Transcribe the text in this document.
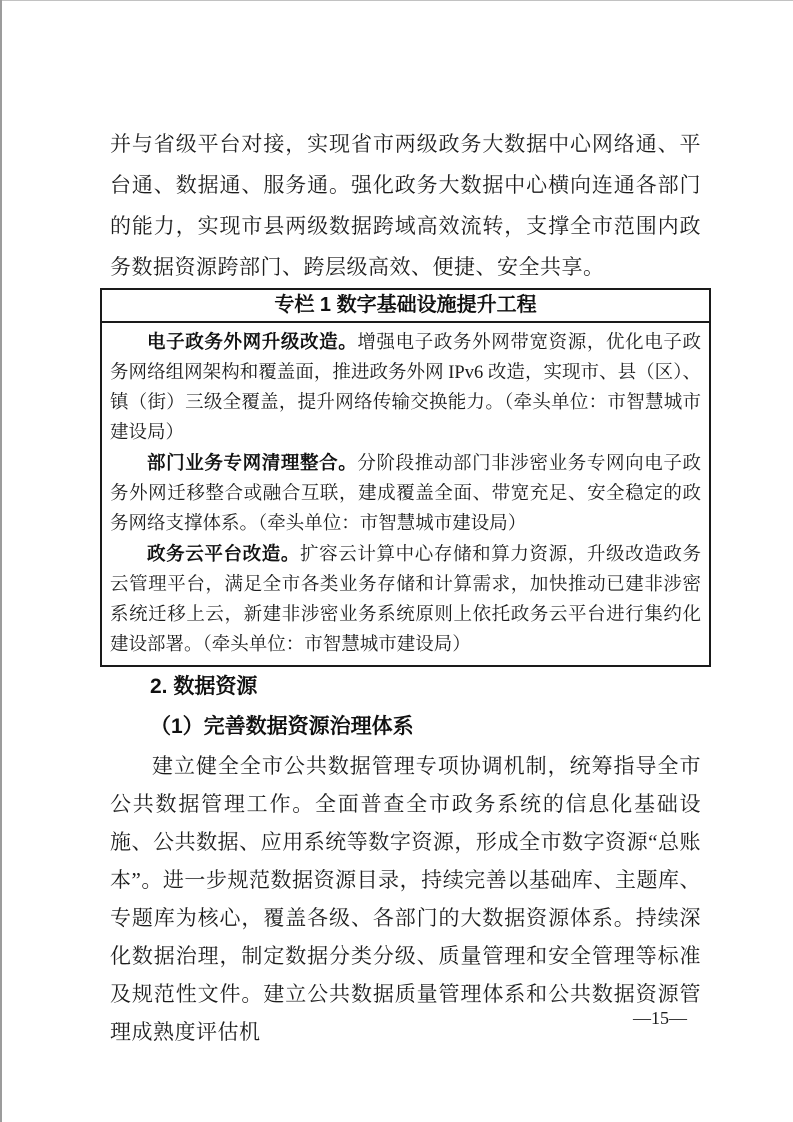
并与省级平台对接，实现省市两级政务大数据中心网络通、平台通、数据通、服务通。强化政务大数据中心横向连通各部门的能力，实现市县两级数据跨域高效流转，支撑全市范围内政务数据资源跨部门、跨层级高效、便捷、安全共享。

专栏 1 数字基础设施提升工程

电子政务外网升级改造。增强电子政务外网带宽资源，优化电子政务网络组网架构和覆盖面，推进政务外网 IPv6 改造，实现市、县（区）、镇（街）三级全覆盖，提升网络传输交换能力。（牵头单位：市智慧城市建设局）

部门业务专网清理整合。分阶段推动部门非涉密业务专网向电子政务外网迁移整合或融合互联，建成覆盖全面、带宽充足、安全稳定的政务网络支撑体系。（牵头单位：市智慧城市建设局）

政务云平台改造。扩容云计算中心存储和算力资源，升级改造政务云管理平台，满足全市各类业务存储和计算需求，加快推动已建非涉密系统迁移上云，新建非涉密业务系统原则上依托政务云平台进行集约化建设部署。（牵头单位：市智慧城市建设局）

2. 数据资源
（1）完善数据资源治理体系

建立健全全市公共数据管理专项协调机制，统筹指导全市公共数据管理工作。全面普查全市政务系统的信息化基础设施、公共数据、应用系统等数字资源，形成全市数字资源“总账本”。进一步规范数据资源目录，持续完善以基础库、主题库、专题库为核心，覆盖各级、各部门的大数据资源体系。持续深化数据治理，制定数据分类分级、质量管理和安全管理等标准及规范性文件。建立公共数据质量管理体系和公共数据资源管理成熟度评估机

—15—
